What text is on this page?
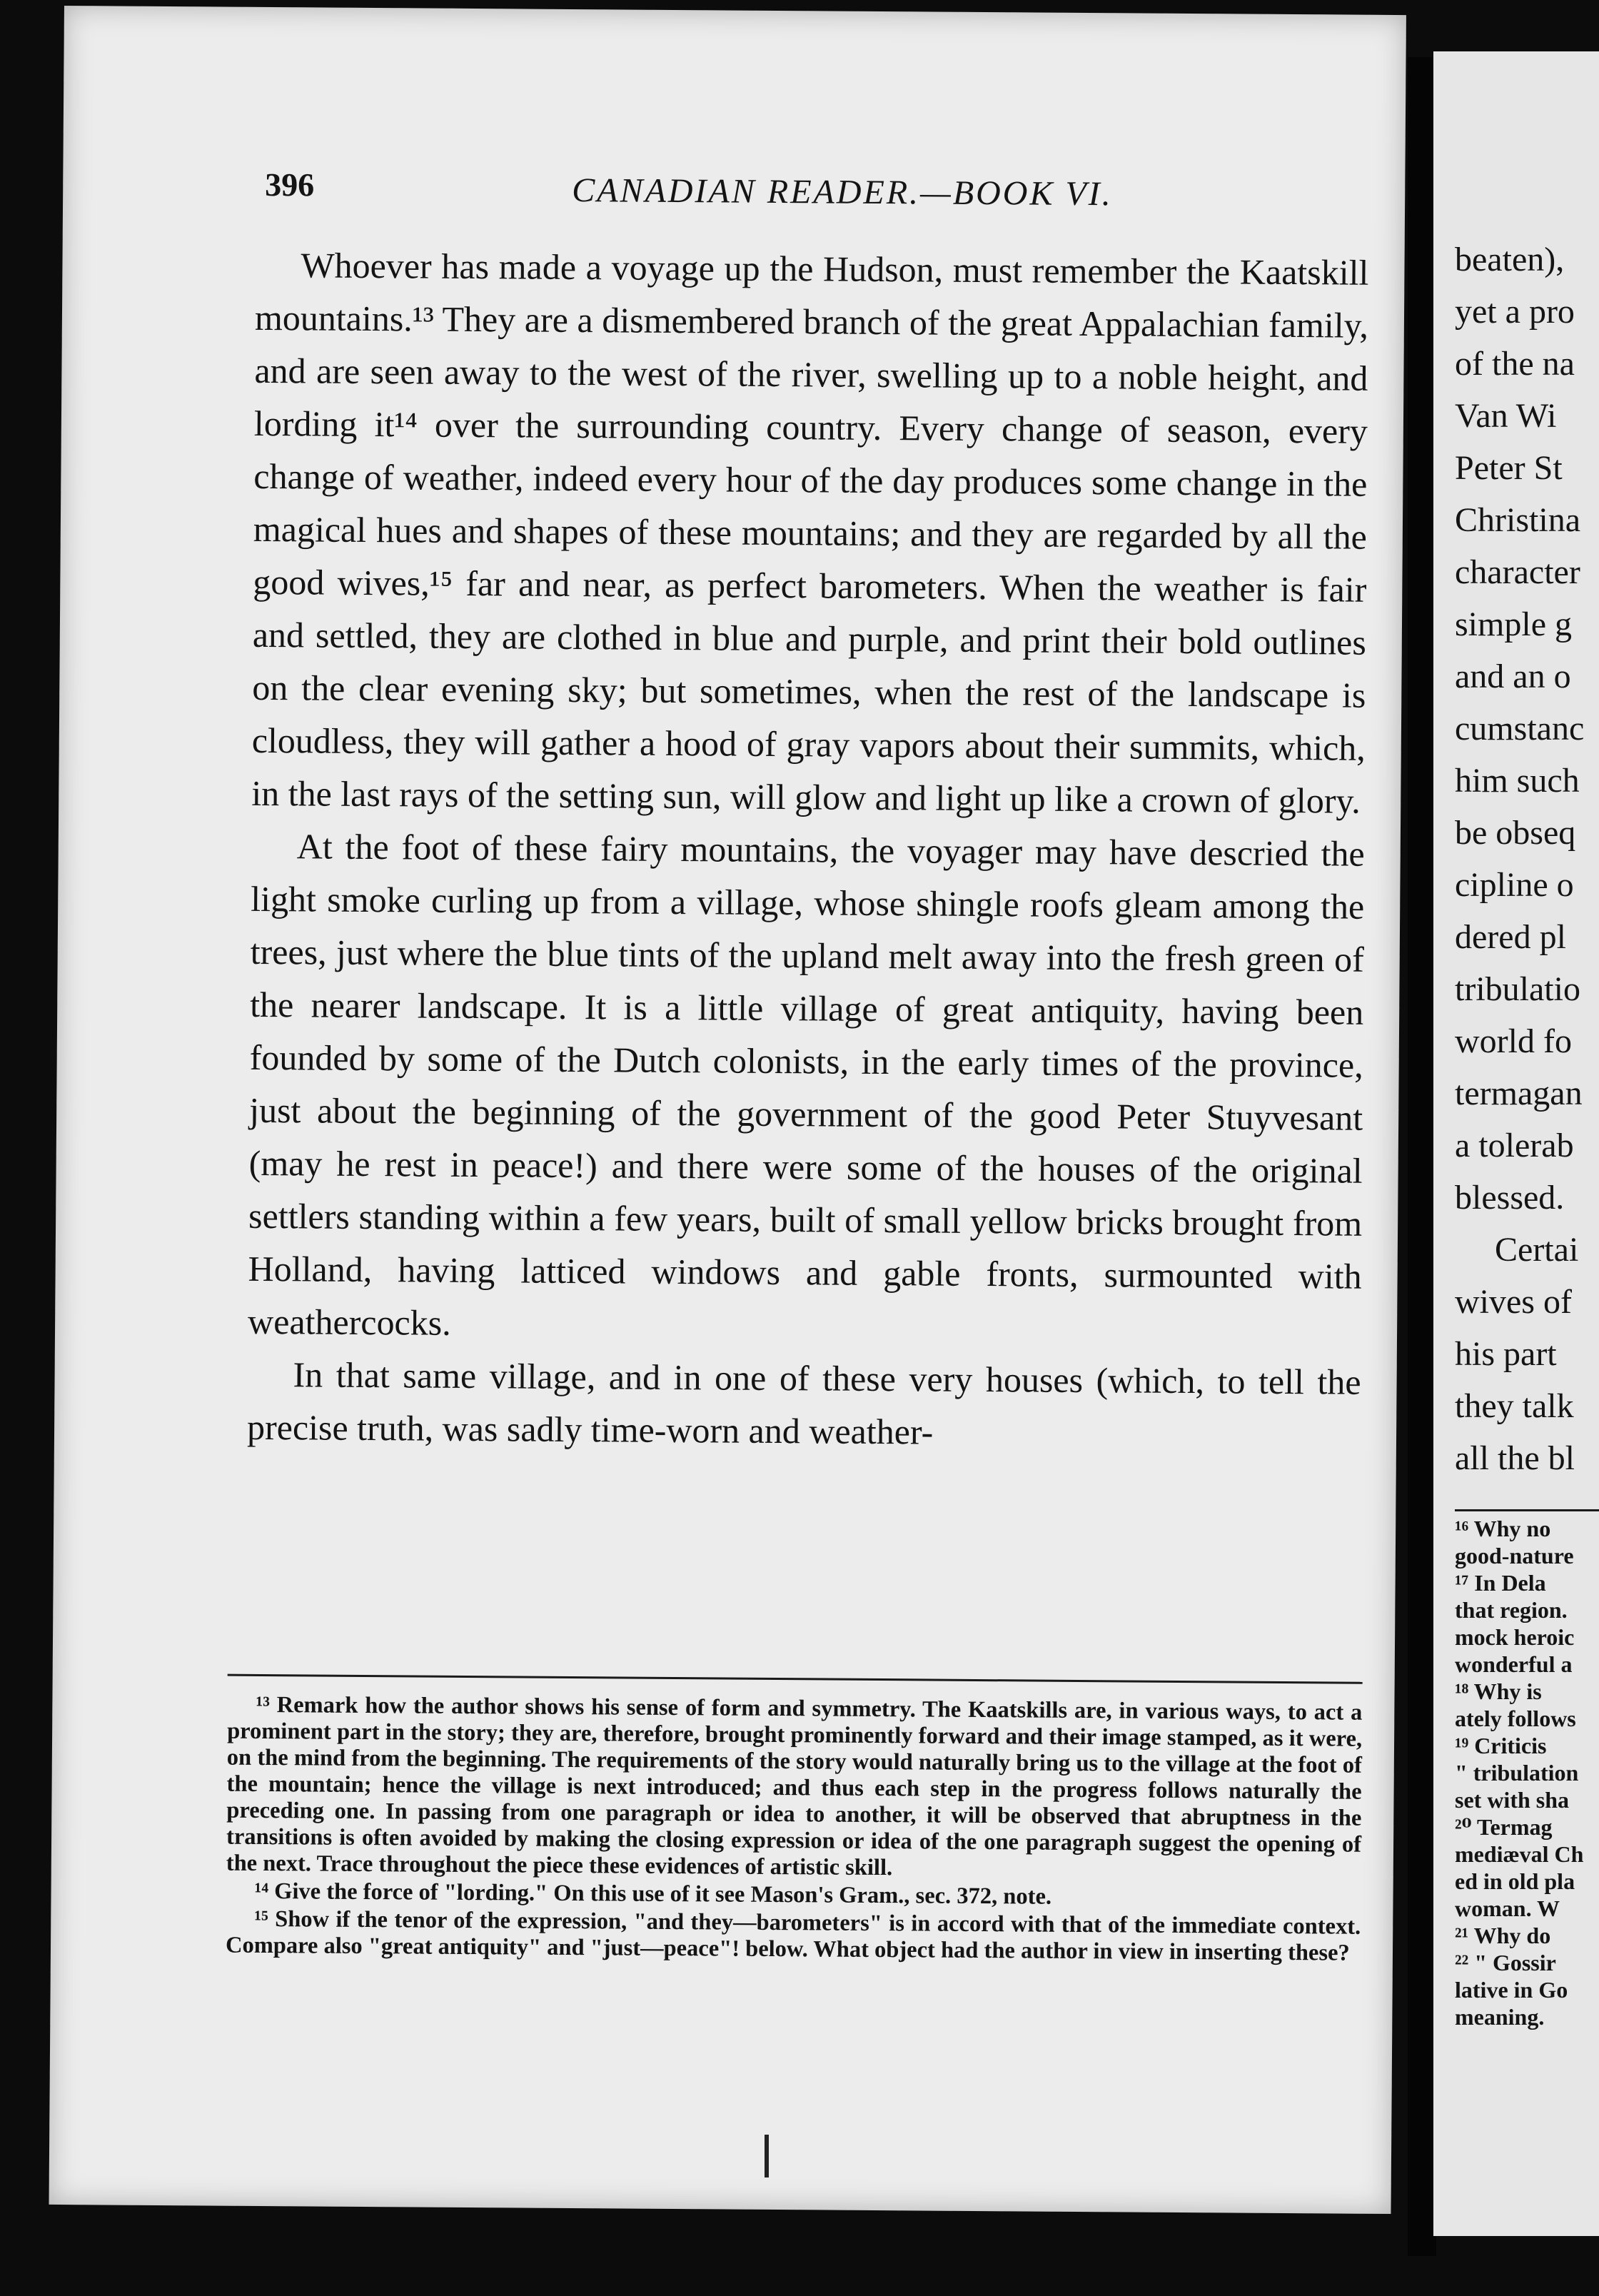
396	CANADIAN READER.—BOOK VI.

Whoever has made a voyage up the Hudson, must remember the Kaatskill mountains.¹³ They are a dismembered branch of the great Appalachian family, and are seen away to the west of the river, swelling up to a noble height, and lording it¹⁴ over the surrounding country. Every change of season, every change of weather, indeed every hour of the day produces some change in the magical hues and shapes of these mountains; and they are regarded by all the good wives,¹⁵ far and near, as perfect barometers. When the weather is fair and settled, they are clothed in blue and purple, and print their bold outlines on the clear evening sky; but sometimes, when the rest of the landscape is cloudless, they will gather a hood of gray vapors about their summits, which, in the last rays of the setting sun, will glow and light up like a crown of glory.

At the foot of these fairy mountains, the voyager may have descried the light smoke curling up from a village, whose shingle roofs gleam among the trees, just where the blue tints of the upland melt away into the fresh green of the nearer landscape. It is a little village of great antiquity, having been founded by some of the Dutch colonists, in the early times of the province, just about the beginning of the government of the good Peter Stuyvesant (may he rest in peace!) and there were some of the houses of the original settlers standing within a few years, built of small yellow bricks brought from Holland, having latticed windows and gable fronts, surmounted with weathercocks.

In that same village, and in one of these very houses (which, to tell the precise truth, was sadly time-worn and weather-

¹³ Remark how the author shows his sense of form and symmetry. The Kaatskills are, in various ways, to act a prominent part in the story; they are, therefore, brought prominently forward and their image stamped, as it were, on the mind from the beginning. The requirements of the story would naturally bring us to the village at the foot of the mountain; hence the village is next introduced; and thus each step in the progress follows naturally the preceding one. In passing from one paragraph or idea to another, it will be observed that abruptness in the transitions is often avoided by making the closing expression or idea of the one paragraph suggest the opening of the next. Trace throughout the piece these evidences of artistic skill.

¹⁴ Give the force of "lording." On this use of it see Mason's Gram., sec. 372, note.

¹⁵ Show if the tenor of the expression, "and they—barometers" is in accord with that of the immediate context. Compare also "great antiquity" and "just—peace"! below. What object had the author in view in inserting these?

beaten),
yet a pro
of the na
Van Wi
Peter St
Christina
character
simple g
and an o
cumstanc
him such
be obseq
cipline o
dered pl
tribulatio
world fo
termagan
a tolerab
blessed.
Certai
wives of
his part
they talk
all the bl
¹⁶ Why no
good-nature
¹⁷ In Dela
that region.
mock heroic
wonderful a
¹⁸ Why is
ately follows
¹⁹ Criticis
" tribulation
set with sha
²⁰ Termag
mediæval Ch
ed in old pla
woman. W
²¹ Why do
²² " Gossir
lative in Go
meaning.
